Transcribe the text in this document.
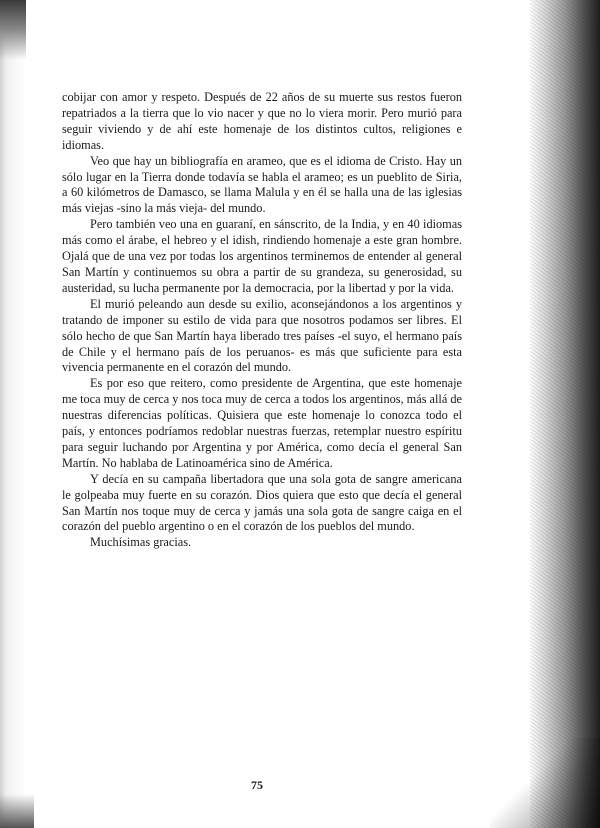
cobijar con amor y respeto. Después de 22 años de su muerte sus restos fueron repatriados a la tierra que lo vio nacer y que no lo viera morir. Pero murió para seguir viviendo y de ahí este homenaje de los distintos cultos, religiones e idiomas.

Veo que hay un bibliografía en arameo, que es el idioma de Cristo. Hay un sólo lugar en la Tierra donde todavía se habla el arameo; es un pueblito de Siria, a 60 kilómetros de Damasco, se llama Malula y en él se halla una de las iglesias más viejas -sino la más vieja- del mundo.

Pero también veo una en guaraní, en sánscrito, de la India, y en 40 idiomas más como el árabe, el hebreo y el idish, rindiendo homenaje a este gran hombre. Ojalá que de una vez por todas los argentinos terminemos de entender al general San Martín y continuemos su obra a partir de su grandeza, su generosidad, su austeridad, su lucha permanente por la democracia, por la libertad y por la vida.

El murió peleando aun desde su exilio, aconsejándonos a los argentinos y tratando de imponer su estilo de vida para que nosotros podamos ser libres. El sólo hecho de que San Martín haya liberado tres países -el suyo, el hermano país de Chile y el hermano país de los peruanos- es más que suficiente para esta vivencia permanente en el corazón del mundo.

Es por eso que reitero, como presidente de Argentina, que este homenaje me toca muy de cerca y nos toca muy de cerca a todos los argentinos, más allá de nuestras diferencias políticas. Quisiera que este homenaje lo conozca todo el país, y entonces podríamos redoblar nuestras fuerzas, retemplar nuestro espíritu para seguir luchando por Argentina y por América, como decía el general San Martín. No hablaba de Latinoamérica sino de América.

Y decía en su campaña libertadora que una sola gota de sangre americana le golpeaba muy fuerte en su corazón. Dios quiera que esto que decía el general San Martín nos toque muy de cerca y jamás una sola gota de sangre caiga en el corazón del pueblo argentino o en el corazón de los pueblos del mundo.

Muchísimas gracias.

75
